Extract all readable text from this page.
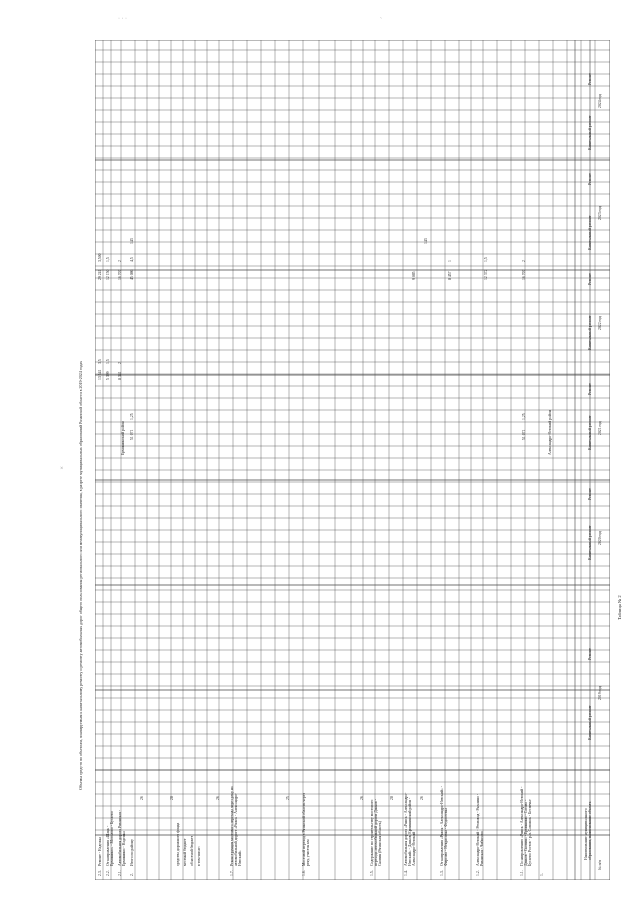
· · ·	`
×
Таблица № 2
Объемы средств по объектам, планируемым к капитальному ремонту и ремонту автомобильных дорог общего пользования регионального или межмуниципального значения, в разрезе муниципальных образований Рязанской области в 2019-2024 годах
2024 год
2023 год
2022 год
2021 год
2020 год
2019 год
Капитальный ремонт
Ремонт
Капитальный ремонт
Ремонт
Капитальный ремонт
Ремонт
Капитальный ремонт
Ремонт
Капитальный ремонт
Ремонт
Капитальный ремонт
Ремонт
№ п/п
Наименование муниципального образования, наименование объекта
Александро-Невский район
Ермишинский район
1.
1.1.
По направлению «Ряжск - Александро-Невский - Данков - Скопин» - Ермишино - Сасово - Бусаево Ростов - р.п. Сапожок - Беспечье
1.2.
Александро-Невский - Ремзавод - Рыхлино - Рязанская - Чибисово
1.3.
От направления «Ряжск - Александро-Невский» - Фирсово - Некрасовка - Федосеевка
1.4.
Автомобильная дорога «Ряжск - Александро-Невский» - Данков, Ермишинский район - Александро-Невский
1.5.
Содержание по строительству мостового перехода автомобильной дороги Данков - Скопин (Рязанская область)
1.6.
Мостовой переход в Рязанской области через реку, участок км
1.7.
Реконструкция мостового перехода через реку на автомобильной дороге «Ряжск - Александро-Невский»
2.
Итого по району
2.1.
Автомобильная дорога Рязанская - Ермишино - Надежка
2.2.
От направления «Шацк - Ермишино» - Мосолово - Бусаево
2.3.
Ремонт - Надежка	в том числе:
областной бюджет
местный бюджет
средства дорожного фонда
51 071
1,25
16 707
2
12 372
1,5
8 457
1
9 085
143
45 086
4,5
143
51 071
1,25
8 341
2
5 399
1,5
13 541
3,5
16 707
2
12 150
1,5
29 241
3,500
26
28
26
25
26
28
26
